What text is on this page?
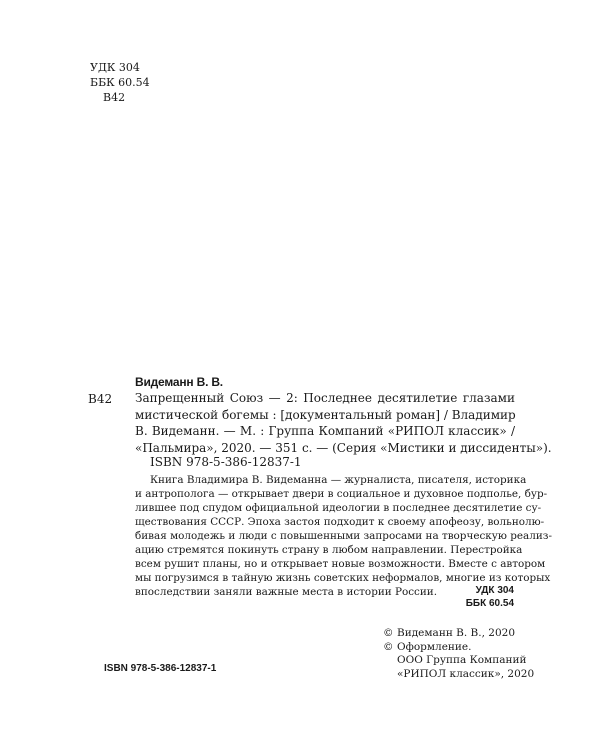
УДК 304
ББК 60.54
В42
Видеманн В. В.
В42 Запрещенный Союз — 2: Последнее десятилетие глазами
мистической богемы : [документальный роман] / Владимир
В. Видеманн. — М. : Группа Компаний «РИПОЛ классик» /
«Пальмира», 2020. — 351 с. — (Серия «Мистики и диссиденты»).
ISBN 978-5-386-12837-1
Книга Владимира В. Видеманна — журналиста, писателя, историка
и антрополога — открывает двери в социальное и духовное подполье, бур-
лившее под спудом официальной идеологии в последнее десятилетие су-
ществования СССР. Эпоха застоя подходит к своему апофеозу, вольнолю-
бивая молодежь и люди с повышенными запросами на творческую реализ-
ацию стремятся покинуть страну в любом направлении. Перестройка
всем рушит планы, но и открывает новые возможности. Вместе с автором
мы погрузимся в тайную жизнь советских неформалов, многие из которых
впоследствии заняли важные места в истории России.	УДК 304
ББК 60.54
© Видеманн В. В., 2020
© Оформление.
ООО Группа Компаний
«РИПОЛ классик», 2020
ISBN 978-5-386-12837-1
